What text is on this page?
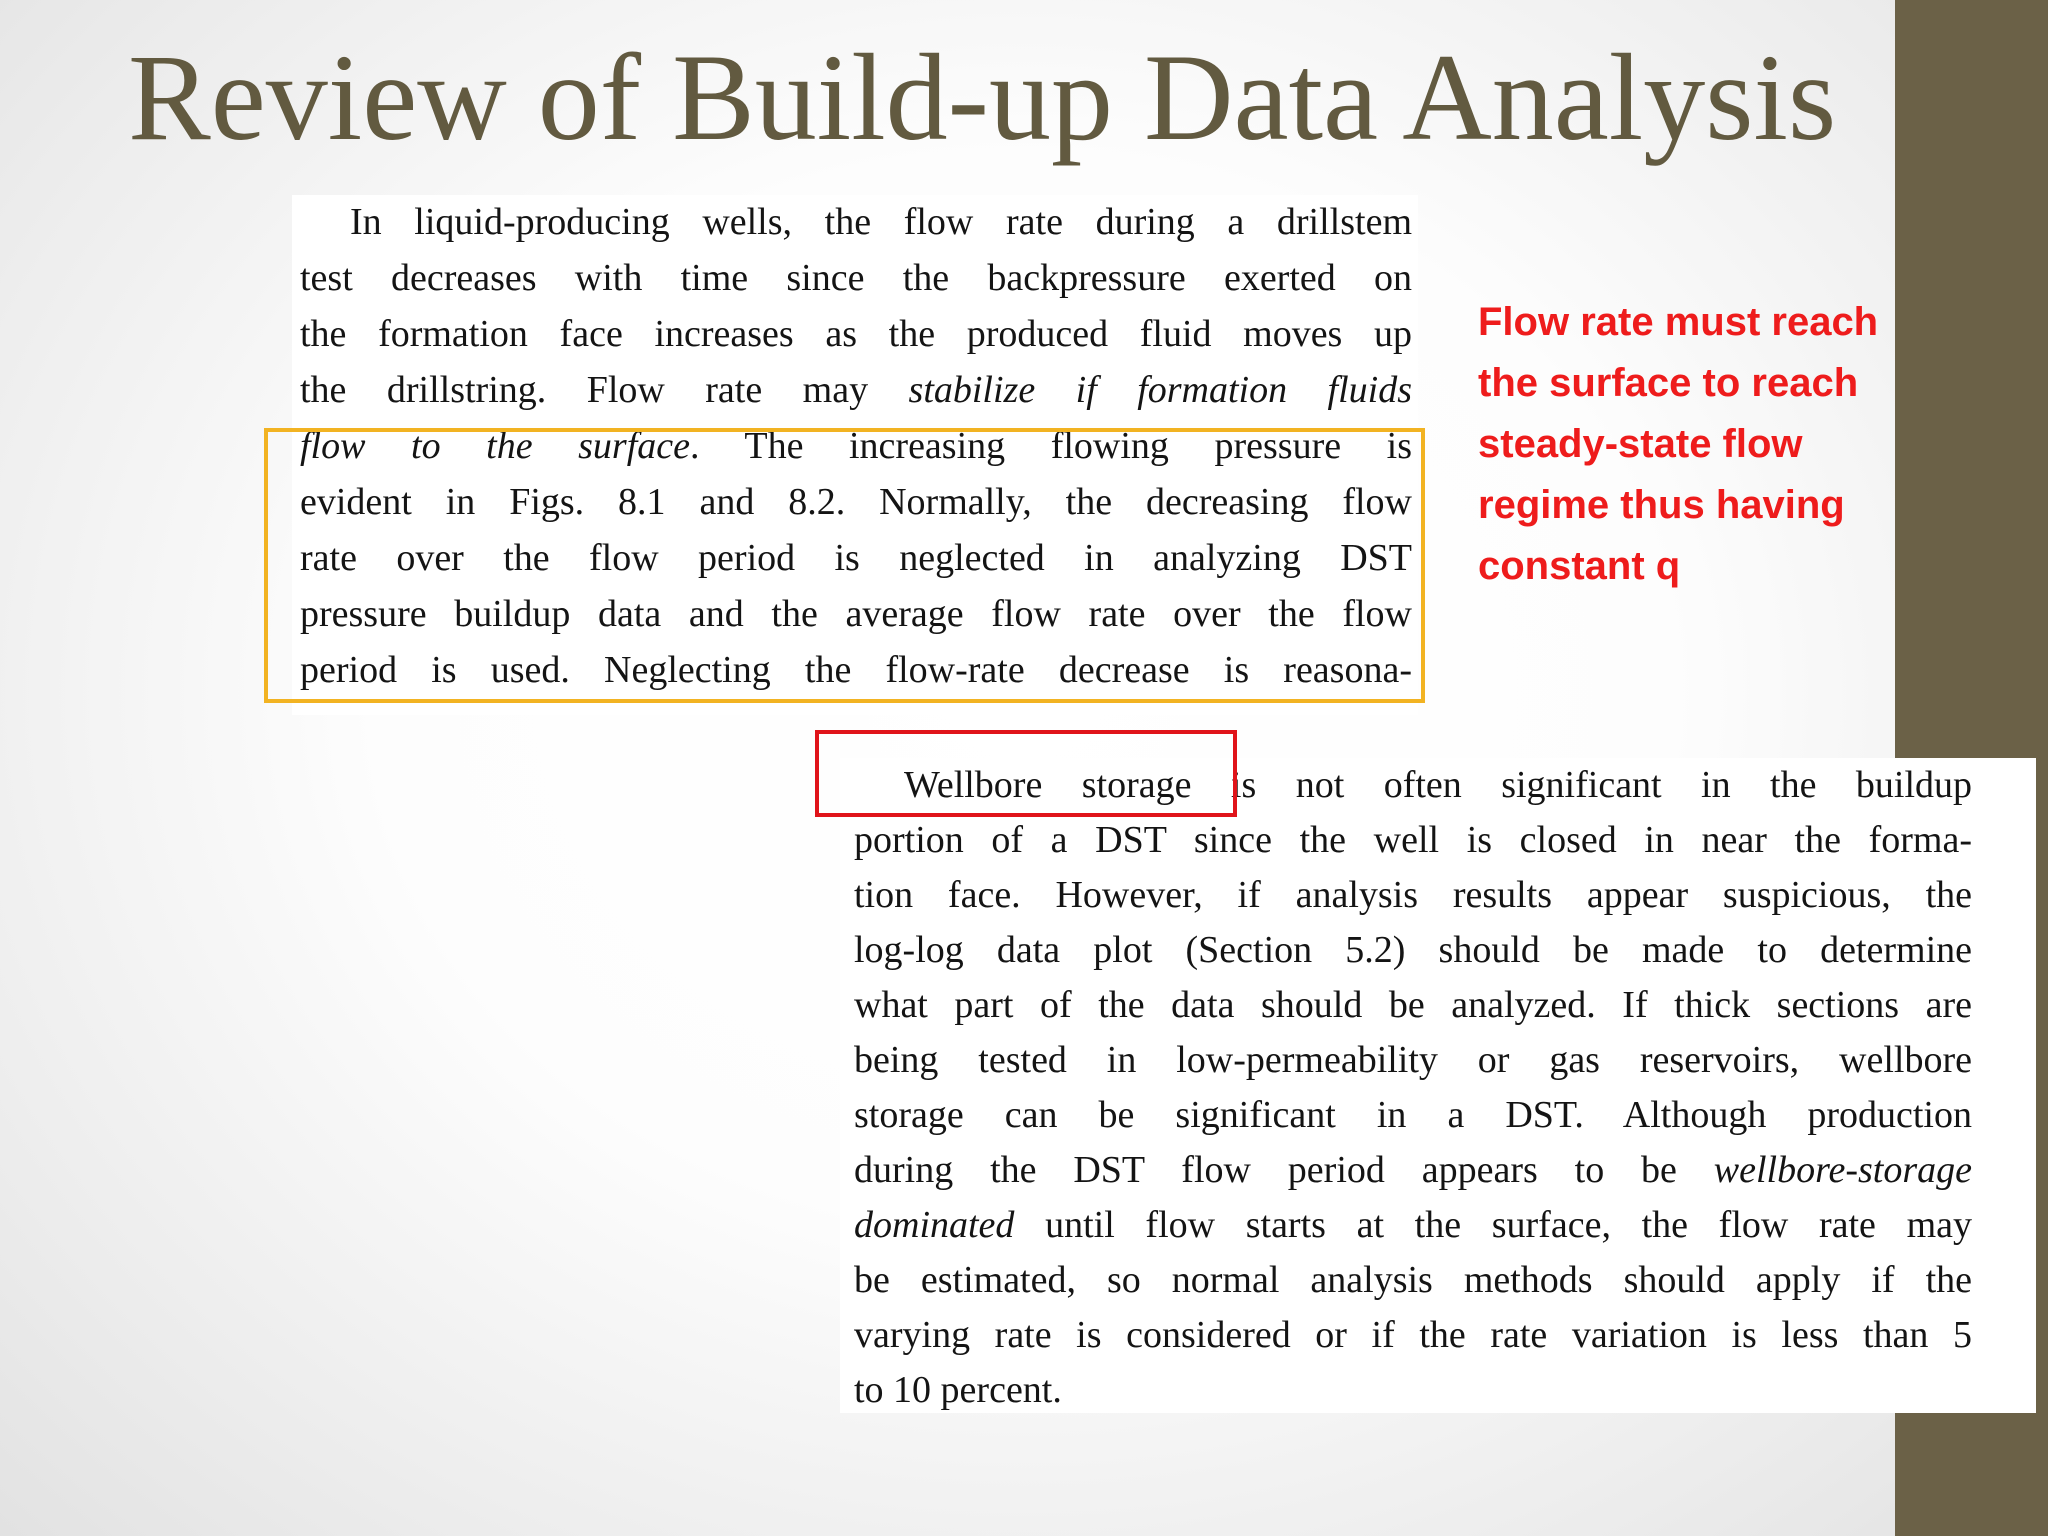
Review of Build-up Data Analysis
In liquid-producing wells, the flow rate during a drillstem
test decreases with time since the backpressure exerted on
the formation face increases as the produced fluid moves up
the drillstring. Flow rate may stabilize if formation fluids
flow to the surface. The increasing flowing pressure is
evident in Figs. 8.1 and 8.2. Normally, the decreasing flow
rate over the flow period is neglected in analyzing DST
pressure buildup data and the average flow rate over the flow
period is used. Neglecting the flow-rate decrease is reasona-
Wellbore storage is not often significant in the buildup
portion of a DST since the well is closed in near the forma-
tion face. However, if analysis results appear suspicious, the
log-log data plot (Section 5.2) should be made to determine
what part of the data should be analyzed. If thick sections are
being tested in low-permeability or gas reservoirs, wellbore
storage can be significant in a DST. Although production
during the DST flow period appears to be wellbore-storage
dominated until flow starts at the surface, the flow rate may
be estimated, so normal analysis methods should apply if the
varying rate is considered or if the rate variation is less than 5
to 10 percent.
Flow rate must reach
the surface to reach
steady-state flow
regime thus having
constant q
